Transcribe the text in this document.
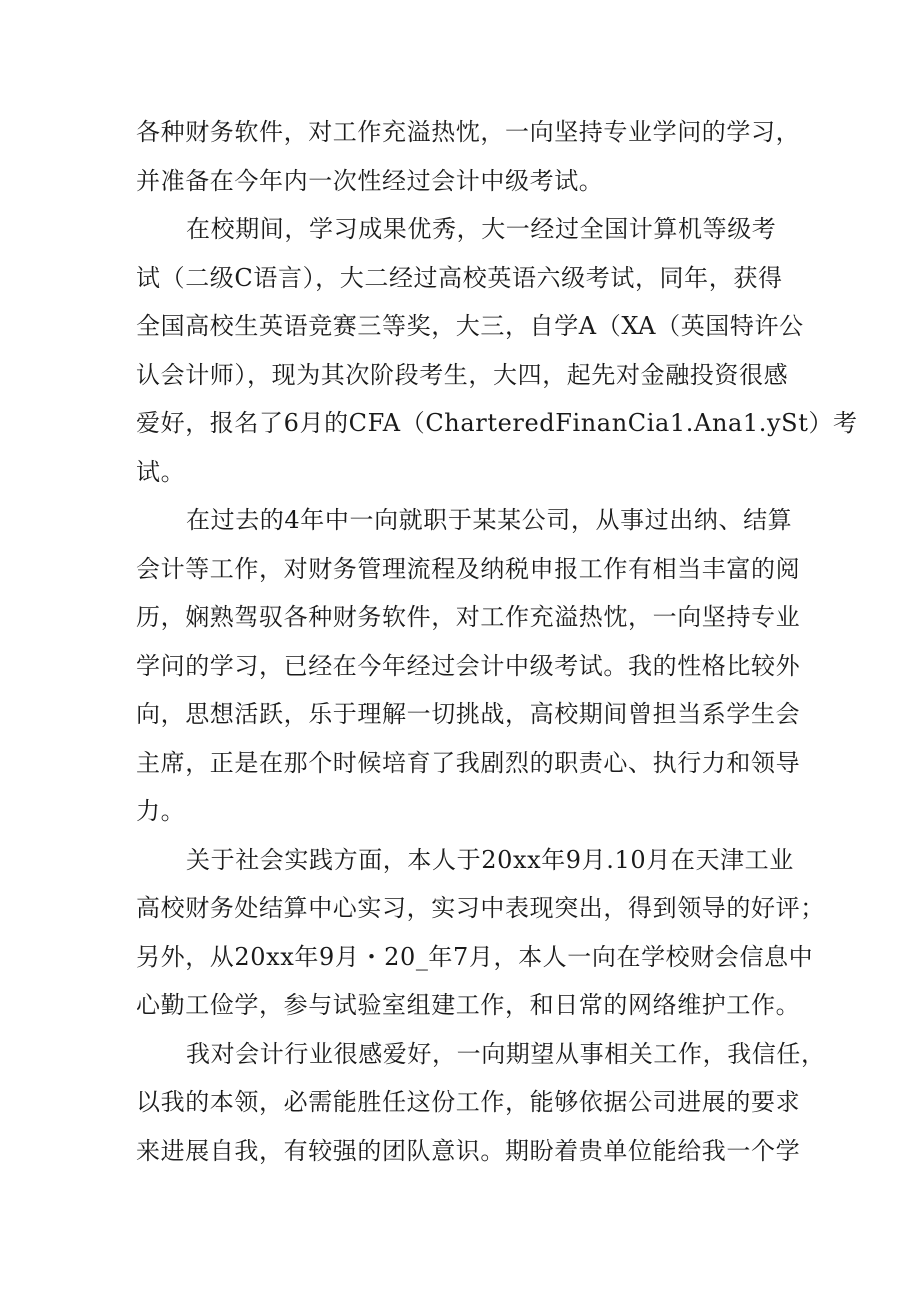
各种财务软件，对工作充溢热忱，一向坚持专业学问的学习，
并准备在今年内一次性经过会计中级考试。
在校期间，学习成果优秀，大一经过全国计算机等级考
试（二级C语言），大二经过高校英语六级考试，同年，获得
全国高校生英语竞赛三等奖，大三，自学A（XA（英国特许公
认会计师），现为其次阶段考生，大四，起先对金融投资很感
爱好，报名了6月的CFA（CharteredFinanCia1.Ana1.ySt）考
试。
在过去的4年中一向就职于某某公司，从事过出纳、结算
会计等工作，对财务管理流程及纳税申报工作有相当丰富的阅
历，娴熟驾驭各种财务软件，对工作充溢热忱，一向坚持专业
学问的学习，已经在今年经过会计中级考试。我的性格比较外
向，思想活跃，乐于理解一切挑战，高校期间曾担当系学生会
主席，正是在那个时候培育了我剧烈的职责心、执行力和领导
力。
关于社会实践方面，本人于20xx年9月.10月在天津工业
高校财务处结算中心实习，实习中表现突出，得到领导的好评；
另外，从20xx年9月・20_年7月，本人一向在学校财会信息中
心勤工俭学，参与试验室组建工作，和日常的网络维护工作。
我对会计行业很感爱好，一向期望从事相关工作，我信任，
以我的本领，必需能胜任这份工作，能够依据公司进展的要求
来进展自我，有较强的团队意识。期盼着贵单位能给我一个学
